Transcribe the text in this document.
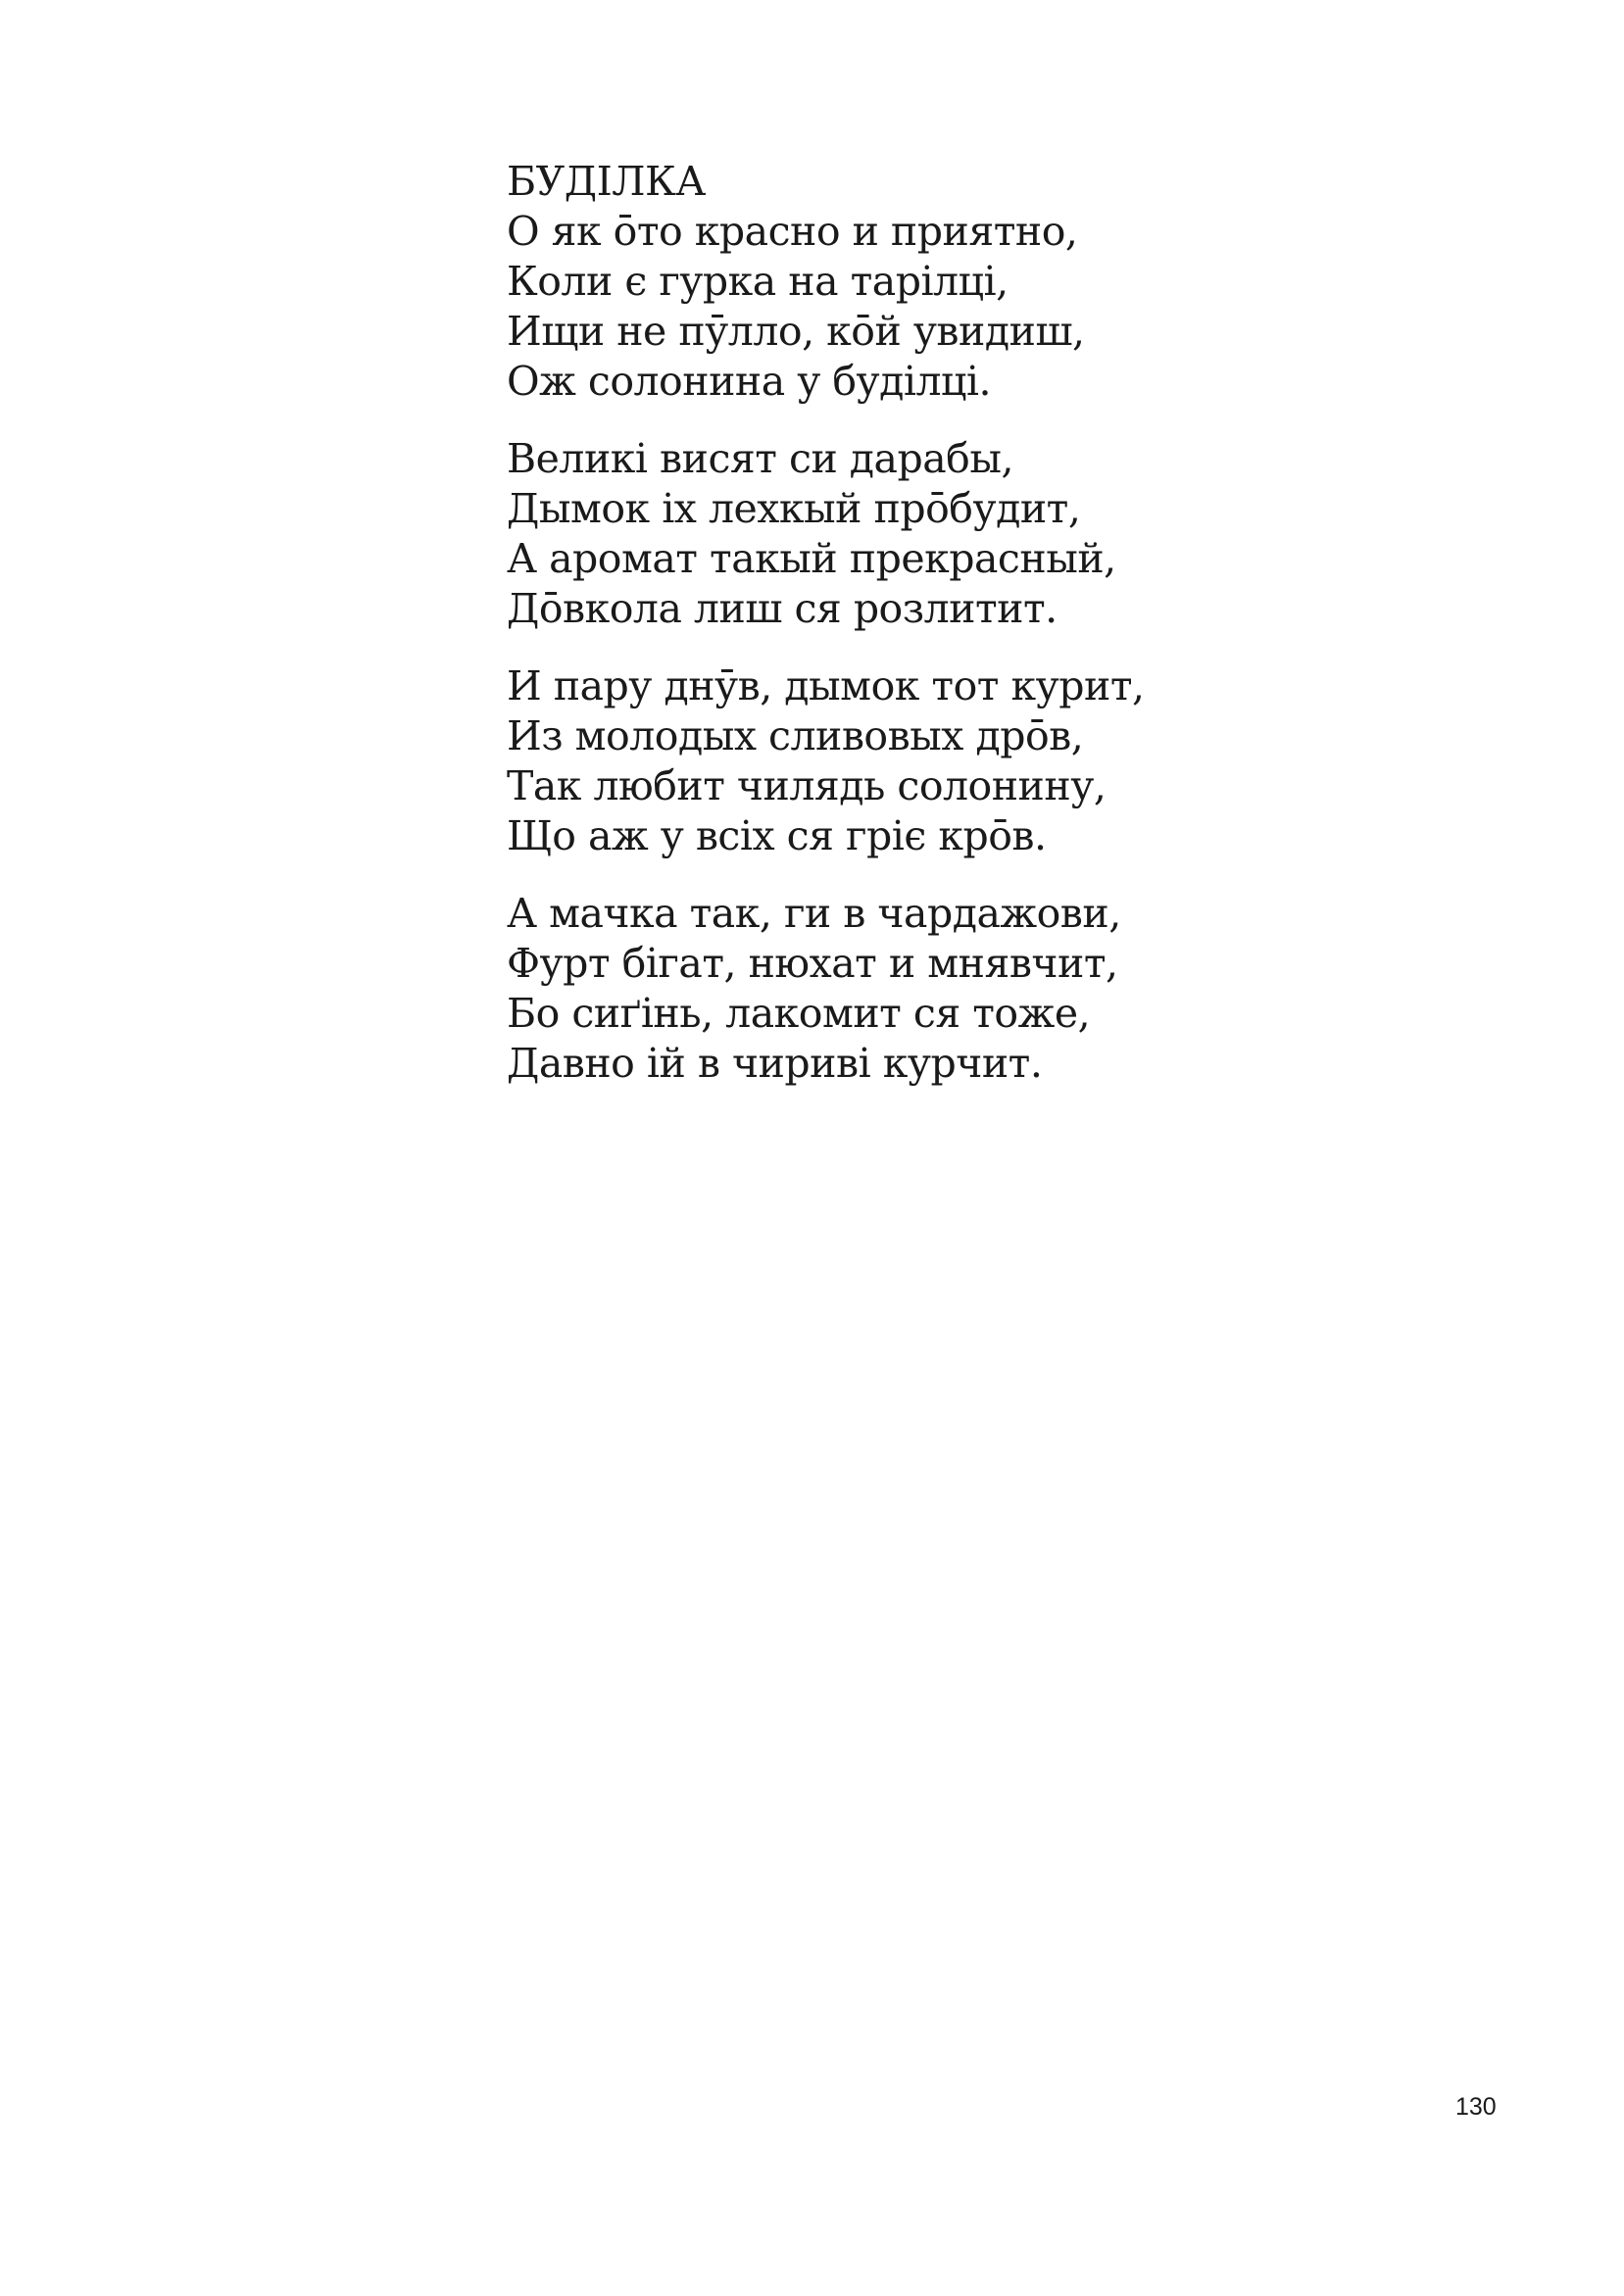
БУДІЛКА
О як о̄то красно и приятно,
Коли є гурка на тарілці,
Ищи не пӯлло, ко̄й увидиш,
Ож солонина у буділці.
Великі висят си дарабы,
Дымок іх лехкый про̄будит,
А аромат такый прекрасный,
До̄вкола лиш ся розлитит.
И пару днӯв, дымок тот курит,
Из молодых сливовых дро̄в,
Так любит чилядь солонину,
Що аж у всіх ся гріє кро̄в.
А мачка так, ги в чардажови,
Фурт бігат, нюхат и мнявчит,
Бо сиґінь, лакомит ся тоже,
Давно ій в чириві курчит.
130
